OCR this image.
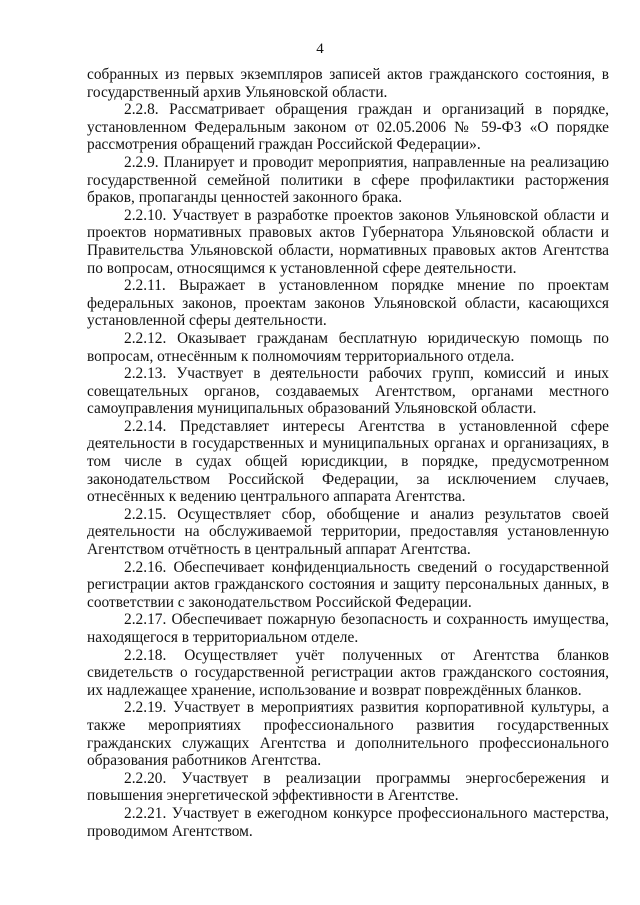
4

собранных из первых экземпляров записей актов гражданского состояния, в государственный архив Ульяновской области.

2.2.8. Рассматривает обращения граждан и организаций в порядке, установленном Федеральным законом от 02.05.2006 № 59-ФЗ «О порядке рассмотрения обращений граждан Российской Федерации».

2.2.9. Планирует и проводит мероприятия, направленные на реализацию государственной семейной политики в сфере профилактики расторжения браков, пропаганды ценностей законного брака.

2.2.10. Участвует в разработке проектов законов Ульяновской области и проектов нормативных правовых актов Губернатора Ульяновской области и Правительства Ульяновской области, нормативных правовых актов Агентства по вопросам, относящимся к установленной сфере деятельности.

2.2.11. Выражает в установленном порядке мнение по проектам федеральных законов, проектам законов Ульяновской области, касающихся установленной сферы деятельности.

2.2.12. Оказывает гражданам бесплатную юридическую помощь по вопросам, отнесённым к полномочиям территориального отдела.

2.2.13. Участвует в деятельности рабочих групп, комиссий и иных совещательных органов, создаваемых Агентством, органами местного самоуправления муниципальных образований Ульяновской области.

2.2.14. Представляет интересы Агентства в установленной сфере деятельности в государственных и муниципальных органах и организациях, в том числе в судах общей юрисдикции, в порядке, предусмотренном законодательством Российской Федерации, за исключением случаев, отнесённых к ведению центрального аппарата Агентства.

2.2.15. Осуществляет сбор, обобщение и анализ результатов своей деятельности на обслуживаемой территории, предоставляя установленную Агентством отчётность в центральный аппарат Агентства.

2.2.16. Обеспечивает конфиденциальность сведений о государственной регистрации актов гражданского состояния и защиту персональных данных, в соответствии с законодательством Российской Федерации.

2.2.17. Обеспечивает пожарную безопасность и сохранность имущества, находящегося в территориальном отделе.

2.2.18. Осуществляет учёт полученных от Агентства бланков свидетельств о государственной регистрации актов гражданского состояния, их надлежащее хранение, использование и возврат повреждённых бланков.

2.2.19. Участвует в мероприятиях развития корпоративной культуры, а также мероприятиях профессионального развития государственных гражданских служащих Агентства и дополнительного профессионального образования работников Агентства.

2.2.20. Участвует в реализации программы энергосбережения и повышения энергетической эффективности в Агентстве.

2.2.21. Участвует в ежегодном конкурсе профессионального мастерства, проводимом Агентством.
